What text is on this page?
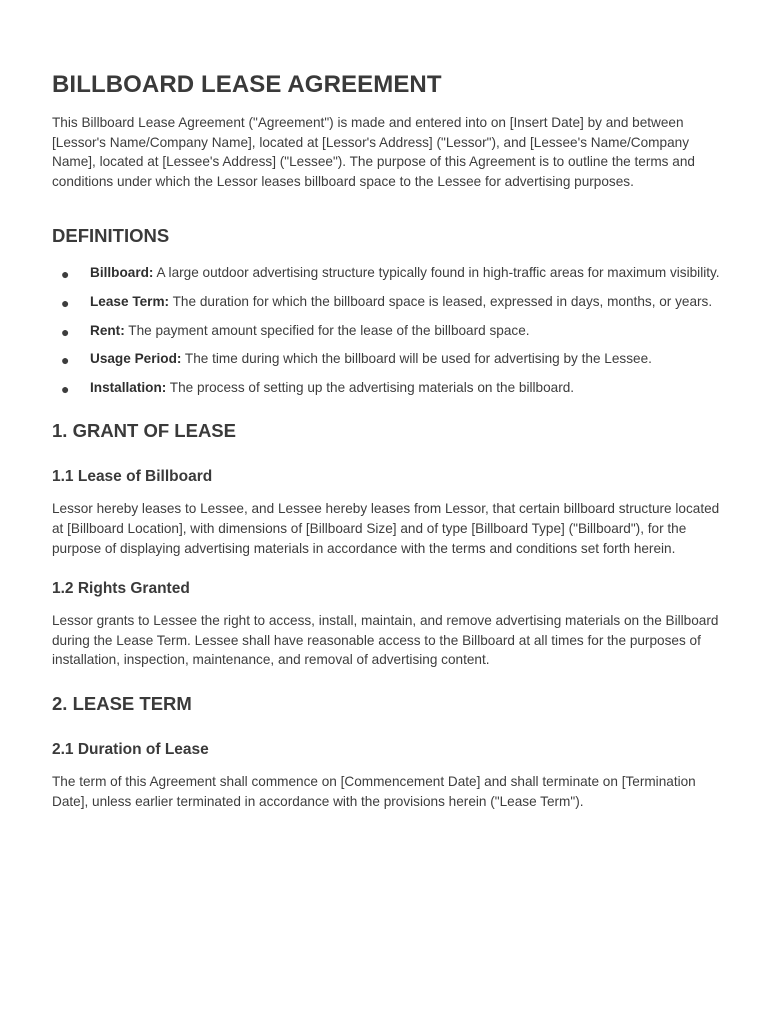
BILLBOARD LEASE AGREEMENT

This Billboard Lease Agreement ("Agreement") is made and entered into on [Insert Date] by and between [Lessor's Name/Company Name], located at [Lessor's Address] ("Lessor"), and [Lessee's Name/Company Name], located at [Lessee's Address] ("Lessee"). The purpose of this Agreement is to outline the terms and conditions under which the Lessor leases billboard space to the Lessee for advertising purposes.

DEFINITIONS
● Billboard: A large outdoor advertising structure typically found in high-traffic areas for maximum visibility.
● Lease Term: The duration for which the billboard space is leased, expressed in days, months, or years.
● Rent: The payment amount specified for the lease of the billboard space.
● Usage Period: The time during which the billboard will be used for advertising by the Lessee.
● Installation: The process of setting up the advertising materials on the billboard.
1. GRANT OF LEASE
1.1 Lease of Billboard

Lessor hereby leases to Lessee, and Lessee hereby leases from Lessor, that certain billboard structure located at [Billboard Location], with dimensions of [Billboard Size] and of type [Billboard Type] ("Billboard"), for the purpose of displaying advertising materials in accordance with the terms and conditions set forth herein.

1.2 Rights Granted

Lessor grants to Lessee the right to access, install, maintain, and remove advertising materials on the Billboard during the Lease Term. Lessee shall have reasonable access to the Billboard at all times for the purposes of installation, inspection, maintenance, and removal of advertising content.

2. LEASE TERM
2.1 Duration of Lease

The term of this Agreement shall commence on [Commencement Date] and shall terminate on [Termination Date], unless earlier terminated in accordance with the provisions herein ("Lease Term").
